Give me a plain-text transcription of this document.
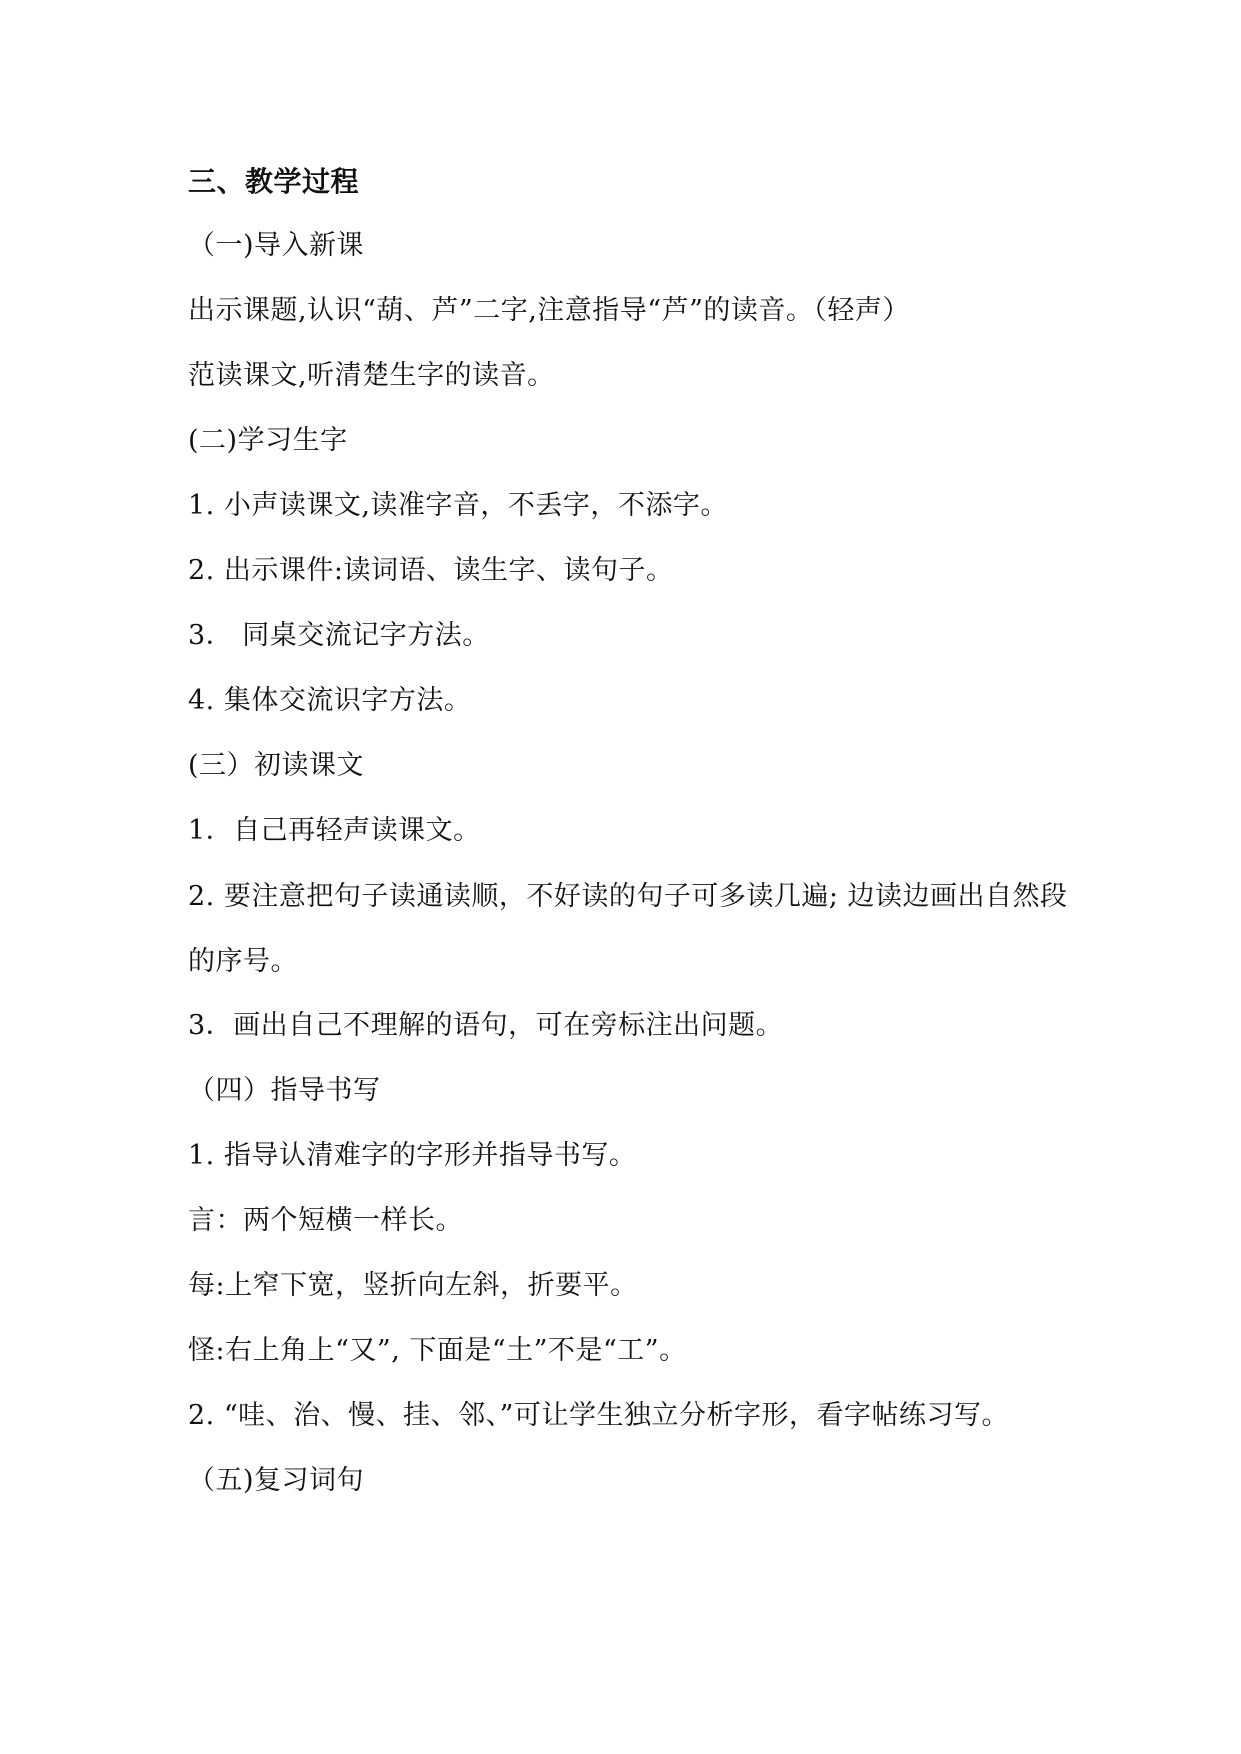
三、教学过程
（一)导入新课
出示课题,认识“葫、芦”二字,注意指导“芦”的读音。（轻声）
范读课文,听清楚生字的读音。
(二)学习生字
1. 小声读课文,读准字音，不丢字，不添字。
2. 出示课件:读词语、读生字、读句子。
3． 同桌交流记字方法。
4. 集体交流识字方法。
(三）初读课文
1．自己再轻声读课文。
2. 要注意把句子读通读顺，不好读的句子可多读几遍; 边读边画出自然段的序号。
3．画出自己不理解的语句，可在旁标注出问题。
（四）指导书写
1. 指导认清难字的字形并指导书写。
言：两个短横一样长。
每:上窄下宽，竖折向左斜，折要平。
怪:右上角上“又”, 下面是“土”不是“工”。
2. “哇、治、慢、挂、邻、”可让学生独立分析字形，看字帖练习写。
（五)复习词句
